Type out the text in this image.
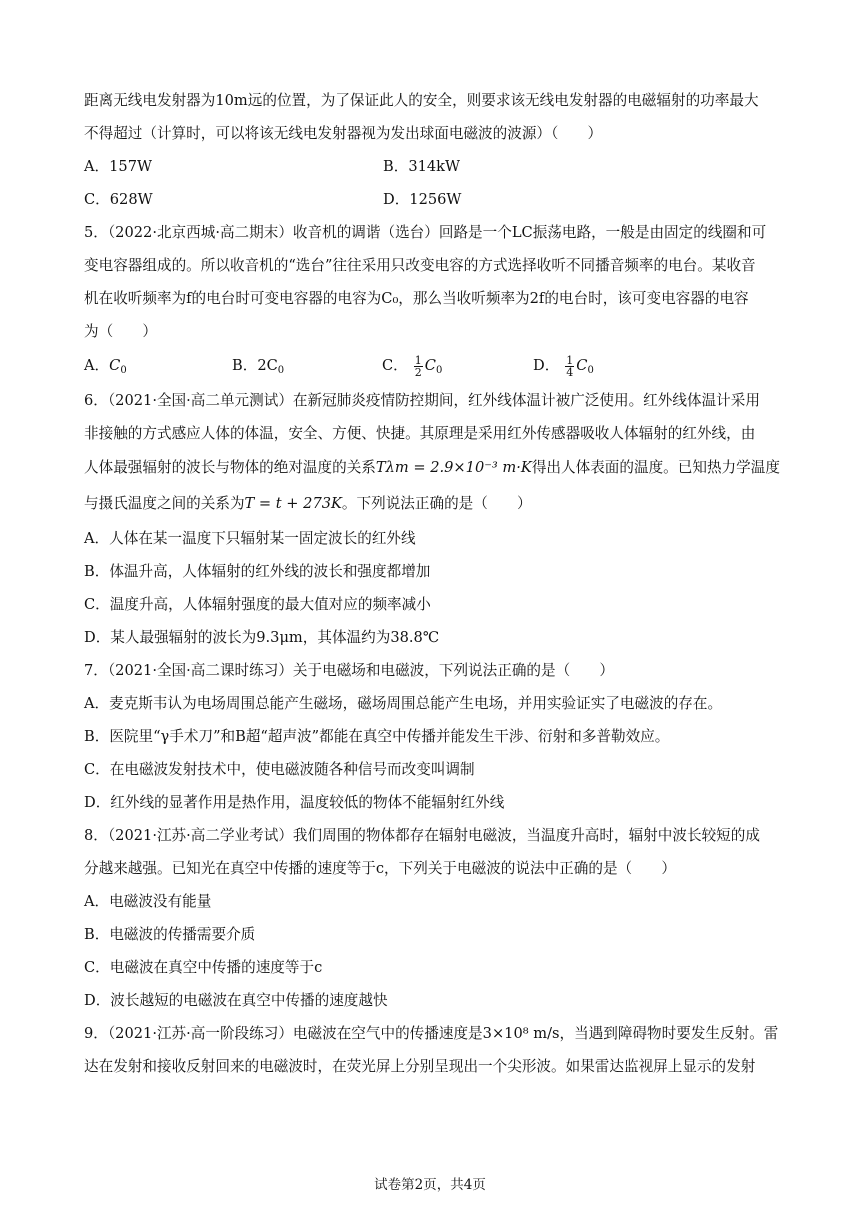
距离无线电发射器为10m远的位置，为了保证此人的安全，则要求该无线电发射器的电磁辐射的功率最大
不得超过（计算时，可以将该无线电发射器视为发出球面电磁波的波源）（　　）
A．157W	B．314kW
C．628W	D．1256W
5．（2022·北京西城·高二期末）收音机的调谐（选台）回路是一个LC振荡电路，一般是由固定的线圈和可
变电容器组成的。所以收音机的“选台”往往采用只改变电容的方式选择收听不同播音频率的电台。某收音
机在收听频率为f的电台时可变电容器的电容为C₀，那么当收听频率为2f的电台时，该可变电容器的电容
为（　　）
A．$C_0$	B．$2C_0$	C． $\frac{1}{2} C_0$	D． $\frac{1}{4} C_0$
6．（2021·全国·高二单元测试）在新冠肺炎疫情防控期间，红外线体温计被广泛使用。红外线体温计采用
非接触的方式感应人体的体温，安全、方便、快捷。其原理是采用红外传感器吸收人体辐射的红外线，由
人体最强辐射的波长与物体的绝对温度的关系Tλm = 2.9×10⁻³ m·K得出人体表面的温度。已知热力学温度
与摄氏温度之间的关系为T = t + 273K。下列说法正确的是（　　）
A．人体在某一温度下只辐射某一固定波长的红外线
B．体温升高，人体辐射的红外线的波长和强度都增加
C．温度升高，人体辐射强度的最大值对应的频率减小
D．某人最强辐射的波长为9.3μm，其体温约为38.8℃
7．（2021·全国·高二课时练习）关于电磁场和电磁波，下列说法正确的是（　　）
A．麦克斯韦认为电场周围总能产生磁场，磁场周围总能产生电场，并用实验证实了电磁波的存在。
B．医院里“γ手术刀”和B超“超声波”都能在真空中传播并能发生干涉、衍射和多普勒效应。
C．在电磁波发射技术中，使电磁波随各种信号而改变叫调制
D．红外线的显著作用是热作用，温度较低的物体不能辐射红外线
8．（2021·江苏·高二学业考试）我们周围的物体都存在辐射电磁波，当温度升高时，辐射中波长较短的成
分越来越强。已知光在真空中传播的速度等于c，下列关于电磁波的说法中正确的是（　　）
A．电磁波没有能量
B．电磁波的传播需要介质
C．电磁波在真空中传播的速度等于c
D．波长越短的电磁波在真空中传播的速度越快
9．（2021·江苏·高一阶段练习）电磁波在空气中的传播速度是3×10⁸ m/s，当遇到障碍物时要发生反射。雷
达在发射和接收反射回来的电磁波时，在荧光屏上分别呈现出一个尖形波。如果雷达监视屏上显示的发射
试卷第2页，共4页
